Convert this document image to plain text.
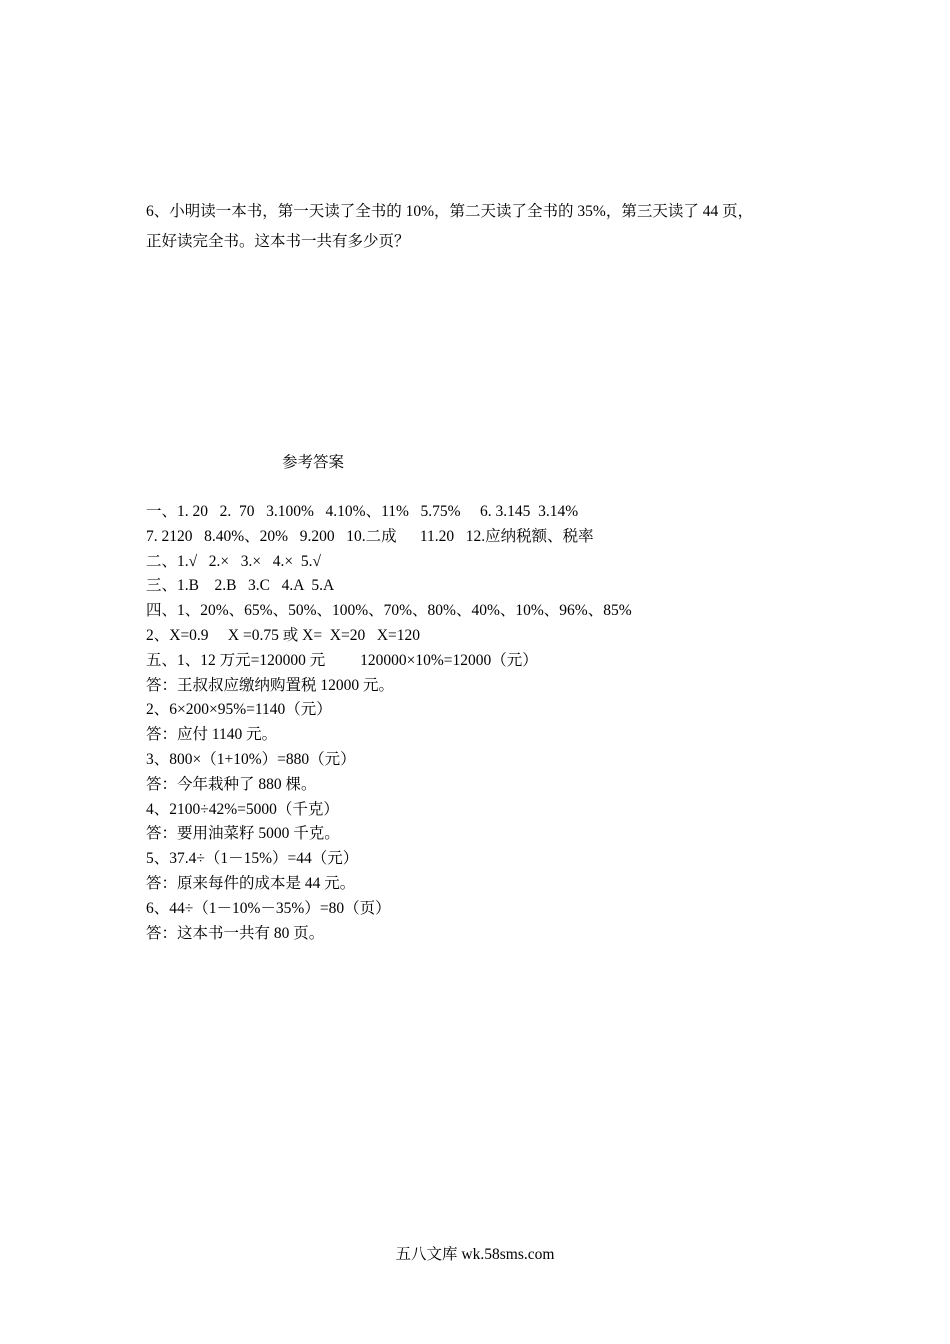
6、小明读一本书，第一天读了全书的 10%，第二天读了全书的 35%，第三天读了 44 页，
正好读完全书。这本书一共有多少页？
参考答案
一、1. 20   2.  70   3.100%   4.10%、11%   5.75%     6. 3.145  3.14%
7. 2120   8.40%、20%   9.200   10.二成      11.20   12.应纳税额、税率
二、1.√   2.×   3.×   4.×  5.√
三、1.B    2.B   3.C   4.A  5.A
四、1、20%、65%、50%、100%、70%、80%、40%、10%、96%、85%
2、X=0.9     X =0.75 或 X=  X=20   X=120
五、1、12 万元=120000 元         120000×10%=12000（元）
答：王叔叔应缴纳购置税 12000 元。
2、6×200×95%=1140（元）
答：应付 1140 元。
3、800×（1+10%）=880（元）
答：今年栽种了 880 棵。
4、2100÷42%=5000（千克）
答：要用油菜籽 5000 千克。
5、37.4÷（1－15%）=44（元）
答：原来每件的成本是 44 元。
6、44÷（1－10%－35%）=80（页）
答：这本书一共有 80 页。
五八文库 wk.58sms.com
